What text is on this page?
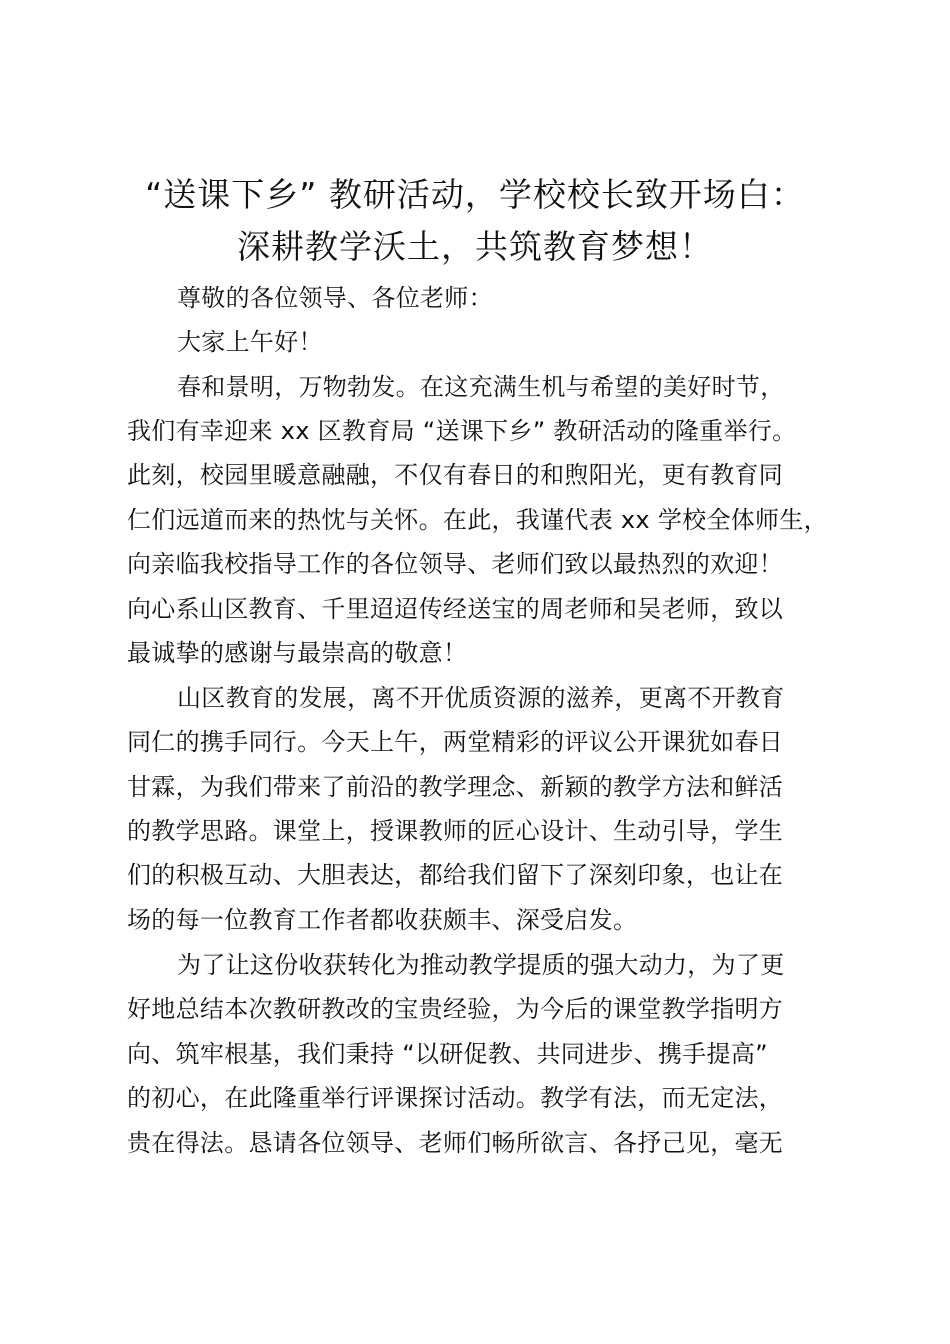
“送课下乡” 教研活动，学校校长致开场白：
深耕教学沃土，共筑教育梦想！
尊敬的各位领导、各位老师：
大家上午好！
春和景明，万物勃发。在这充满生机与希望的美好时节，
我们有幸迎来 xx 区教育局 “送课下乡” 教研活动的隆重举行。
此刻，校园里暖意融融，不仅有春日的和煦阳光，更有教育同
仁们远道而来的热忱与关怀。在此，我谨代表 xx 学校全体师生，
向亲临我校指导工作的各位领导、老师们致以最热烈的欢迎！
向心系山区教育、千里迢迢传经送宝的周老师和吴老师，致以
最诚挚的感谢与最崇高的敬意！
山区教育的发展，离不开优质资源的滋养，更离不开教育
同仁的携手同行。今天上午，两堂精彩的评议公开课犹如春日
甘霖，为我们带来了前沿的教学理念、新颖的教学方法和鲜活
的教学思路。课堂上，授课教师的匠心设计、生动引导，学生
们的积极互动、大胆表达，都给我们留下了深刻印象，也让在
场的每一位教育工作者都收获颇丰、深受启发。
为了让这份收获转化为推动教学提质的强大动力，为了更
好地总结本次教研教改的宝贵经验，为今后的课堂教学指明方
向、筑牢根基，我们秉持 “以研促教、共同进步、携手提高”
的初心，在此隆重举行评课探讨活动。教学有法，而无定法，
贵在得法。恳请各位领导、老师们畅所欲言、各抒己见，毫无
